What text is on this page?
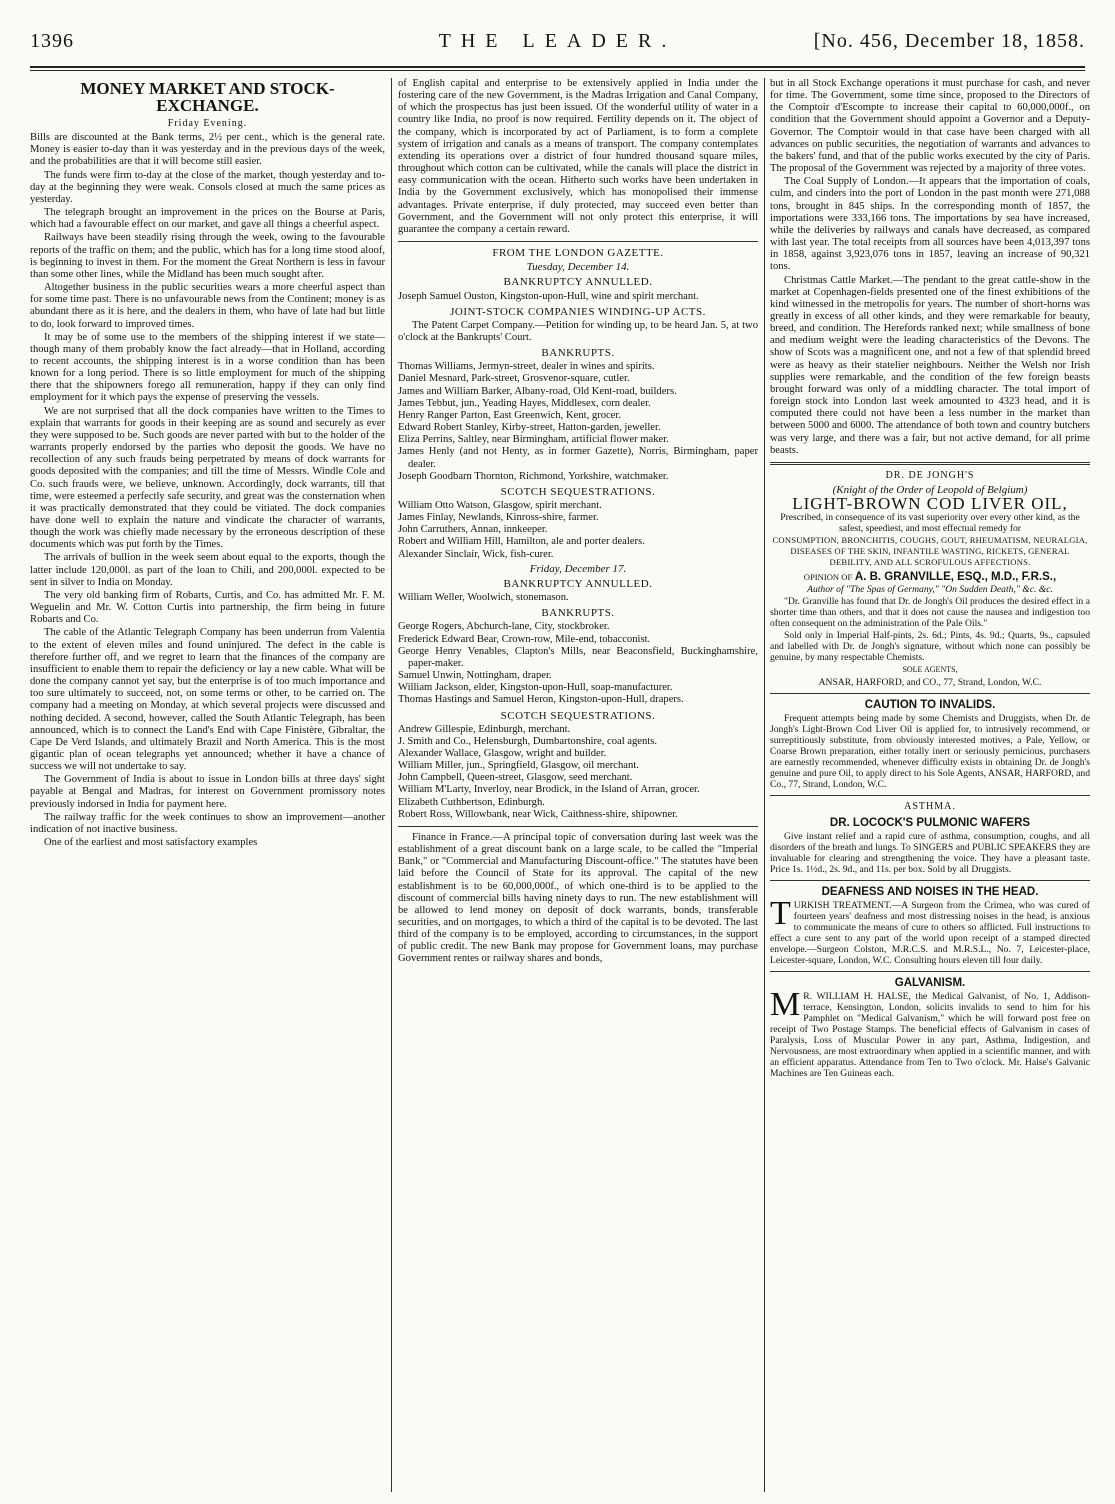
1396	THE LEADER.	[No. 456, December 18, 1858.
MONEY MARKET AND STOCK-EXCHANGE.
Friday Evening.

Bills are discounted at the Bank terms, 2½ per cent., which is the general rate. Money is easier to-day than it was yesterday and in the previous days of the week, and the probabilities are that it will become still easier.

The funds were firm to-day at the close of the market, though yesterday and to-day at the beginning they were weak. Consols closed at much the same prices as yesterday.

The telegraph brought an improvement in the prices on the Bourse at Paris, which had a favourable effect on our market, and gave all things a cheerful aspect.

Railways have been steadily rising through the week, owing to the favourable reports of the traffic on them; and the public, which has for a long time stood aloof, is beginning to invest in them. For the moment the Great Northern is less in favour than some other lines, while the Midland has been much sought after.

Altogether business in the public securities wears a more cheerful aspect than for some time past. There is no unfavourable news from the Continent; money is as abundant there as it is here, and the dealers in them, who have of late had but little to do, look forward to improved times.

It may be of some use to the members of the shipping interest if we state—though many of them probably know the fact already—that in Holland, according to recent accounts, the shipping interest is in a worse condition than has been known for a long period. There is so little employment for much of the shipping there that the shipowners forego all remuneration, happy if they can only find employment for it which pays the expense of preserving the vessels.

We are not surprised that all the dock companies have written to the Times to explain that warrants for goods in their keeping are as sound and securely as ever they were supposed to be. Such goods are never parted with but to the holder of the warrants properly endorsed by the parties who deposit the goods. We have no recollection of any such frauds being perpetrated by means of dock warrants for goods deposited with the companies; and till the time of Messrs. Windle Cole and Co. such frauds were, we believe, unknown. Accordingly, dock warrants, till that time, were esteemed a perfectly safe security, and great was the consternation when it was practically demonstrated that they could be vitiated. The dock companies have done well to explain the nature and vindicate the character of warrants, though the work was chiefly made necessary by the erroneous description of these documents which was put forth by the Times.

The arrivals of bullion in the week seem about equal to the exports, though the latter include 120,000l. as part of the loan to Chili, and 200,000l. expected to be sent in silver to India on Monday.

The very old banking firm of Robarts, Curtis, and Co. has admitted Mr. F. M. Weguelin and Mr. W. Cotton Curtis into partnership, the firm being in future Robarts and Co.

The cable of the Atlantic Telegraph Company has been underrun from Valentia to the extent of eleven miles and found uninjured. The defect in the cable is therefore further off, and we regret to learn that the finances of the company are insufficient to enable them to repair the deficiency or lay a new cable. What will be done the company cannot yet say, but the enterprise is of too much importance and too sure ultimately to succeed, not, on some terms or other, to be carried on. The company had a meeting on Monday, at which several projects were discussed and nothing decided. A second, however, called the South Atlantic Telegraph, has been announced, which is to connect the Land's End with Cape Finistère, Gibraltar, the Cape De Verd Islands, and ultimately Brazil and North America. This is the most gigantic plan of ocean telegraphs yet announced; whether it have a chance of success we will not undertake to say.

The Government of India is about to issue in London bills at three days' sight payable at Bengal and Madras, for interest on Government promissory notes previously indorsed in India for payment here.

The railway traffic for the week continues to show an improvement—another indication of not inactive business.

One of the earliest and most satisfactory examples

of English capital and enterprise to be extensively applied in India under the fostering care of the new Government, is the Madras Irrigation and Canal Company, of which the prospectus has just been issued. Of the wonderful utility of water in a country like India, no proof is now required. Fertility depends on it. The object of the company, which is incorporated by act of Parliament, is to form a complete system of irrigation and canals as a means of transport. The company contemplates extending its operations over a district of four hundred thousand square miles, throughout which cotton can be cultivated, while the canals will place the district in easy communication with the ocean. Hitherto such works have been undertaken in India by the Government exclusively, which has monopolised their immense advantages. Private enterprise, if duly protected, may succeed even better than Government, and the Government will not only protect this enterprise, it will guarantee the company a certain reward.

FROM THE LONDON GAZETTE.
Tuesday, December 14.
BANKRUPTCY ANNULLED.

Joseph Samuel Ouston, Kingston-upon-Hull, wine and spirit merchant.

JOINT-STOCK COMPANIES WINDING-UP ACTS.

The Patent Carpet Company.—Petition for winding up, to be heard Jan. 5, at two o'clock at the Bankrupts' Court.

BANKRUPTS.

Thomas Williams, Jermyn-street, dealer in wines and spirits.

Daniel Mesnard, Park-street, Grosvenor-square, cutler.

James and William Barker, Albany-road, Old Kent-road, builders.

James Tebbut, jun., Yeading Hayes, Middlesex, corn dealer.

Henry Ranger Parton, East Greenwich, Kent, grocer.

Edward Robert Stanley, Kirby-street, Hatton-garden, jeweller.

Eliza Perrins, Saltley, near Birmingham, artificial flower maker.

James Henly (and not Henty, as in former Gazette), Norris, Birmingham, paper dealer.

Joseph Goodbarn Thornton, Richmond, Yorkshire, watchmaker.

SCOTCH SEQUESTRATIONS.

William Otto Watson, Glasgow, spirit merchant.

James Finlay, Newlands, Kinross-shire, farmer.

John Carruthers, Annan, innkeeper.

Robert and William Hill, Hamilton, ale and porter dealers.

Alexander Sinclair, Wick, fish-curer.

Friday, December 17.
BANKRUPTCY ANNULLED.

William Weller, Woolwich, stonemason.

BANKRUPTS.

George Rogers, Abchurch-lane, City, stockbroker.

Frederick Edward Bear, Crown-row, Mile-end, tobacconist.

George Henry Venables, Clapton's Mills, near Beaconsfield, Buckinghamshire, paper-maker.

Samuel Unwin, Nottingham, draper.

William Jackson, elder, Kingston-upon-Hull, soap-manufacturer.

Thomas Hastings and Samuel Heron, Kingston-upon-Hull, drapers.

SCOTCH SEQUESTRATIONS.

Andrew Gillespie, Edinburgh, merchant.

J. Smith and Co., Helensburgh, Dumbartonshire, coal agents.

Alexander Wallace, Glasgow, wright and builder.

William Miller, jun., Springfield, Glasgow, oil merchant.

John Campbell, Queen-street, Glasgow, seed merchant.

William M'Larty, Inverloy, near Brodick, in the Island of Arran, grocer.

Elizabeth Cuthbertson, Edinburgh.

Robert Ross, Willowbank, near Wick, Caithness-shire, shipowner.

Finance in France.—A principal topic of conversation during last week was the establishment of a great discount bank on a large scale, to be called the "Imperial Bank," or "Commercial and Manufacturing Discount-office." The statutes have been laid before the Council of State for its approval. The capital of the new establishment is to be 60,000,000f., of which one-third is to be applied to the discount of commercial bills having ninety days to run. The new establishment will be allowed to lend money on deposit of dock warrants, bonds, transferable securities, and on mortgages, to which a third of the capital is to be devoted. The last third of the company is to be employed, according to circumstances, in the support of public credit. The new Bank may propose for Government loans, may purchase Government rentes or railway shares and bonds,

but in all Stock Exchange operations it must purchase for cash, and never for time. The Government, some time since, proposed to the Directors of the Comptoir d'Escompte to increase their capital to 60,000,000f., on condition that the Government should appoint a Governor and a Deputy-Governor. The Comptoir would in that case have been charged with all advances on public securities, the negotiation of warrants and advances to the bakers' fund, and that of the public works executed by the city of Paris. The proposal of the Government was rejected by a majority of three votes.

The Coal Supply of London.—It appears that the importation of coals, culm, and cinders into the port of London in the past month were 271,088 tons, brought in 845 ships. In the corresponding month of 1857, the importations were 333,166 tons. The importations by sea have increased, while the deliveries by railways and canals have decreased, as compared with last year. The total receipts from all sources have been 4,013,397 tons in 1858, against 3,923,076 tons in 1857, leaving an increase of 90,321 tons.

Christmas Cattle Market.—The pendant to the great cattle-show in the market at Copenhagen-fields presented one of the finest exhibitions of the kind witnessed in the metropolis for years. The number of short-horns was greatly in excess of all other kinds, and they were remarkable for beauty, breed, and condition. The Herefords ranked next; while smallness of bone and medium weight were the leading characteristics of the Devons. The show of Scots was a magnificent one, and not a few of that splendid breed were as heavy as their statelier neighbours. Neither the Welsh nor Irish supplies were remarkable, and the condition of the few foreign beasts brought forward was only of a middling character. The total import of foreign stock into London last week amounted to 4323 head, and it is computed there could not have been a less number in the market than between 5000 and 6000. The attendance of both town and country butchers was very large, and there was a fair, but not active demand, for all prime beasts.

DR. DE JONGH'S
(Knight of the Order of Leopold of Belgium)
LIGHT-BROWN COD LIVER OIL,

Prescribed, in consequence of its vast superiority over every other kind, as the safest, speediest, and most effectual remedy for

CONSUMPTION, BRONCHITIS, COUGHS, GOUT, RHEUMATISM, NEURALGIA, DISEASES OF THE SKIN, INFANTILE WASTING, RICKETS, GENERAL DEBILITY, AND ALL SCROFULOUS AFFECTIONS.

OPINION OF A. B. GRANVILLE, ESQ., M.D., F.R.S.,

Author of "The Spas of Germany," "On Sudden Death," &c. &c.

"Dr. Granville has found that Dr. de Jongh's Oil produces the desired effect in a shorter time than others, and that it does not cause the nausea and indigestion too often consequent on the administration of the Pale Oils."

Sold only in Imperial Half-pints, 2s. 6d.; Pints, 4s. 9d.; Quarts, 9s., capsuled and labelled with Dr. de Jongh's signature, without which none can possibly be genuine, by many respectable Chemists.

SOLE AGENTS,
ANSAR, HARFORD, and CO., 77, Strand, London, W.C.
CAUTION TO INVALIDS.

Frequent attempts being made by some Chemists and Druggists, when Dr. de Jongh's Light-Brown Cod Liver Oil is applied for, to intrusively recommend, or surreptitiously substitute, from obviously interested motives, a Pale, Yellow, or Coarse Brown preparation, either totally inert or seriously pernicious, purchasers are earnestly recommended, whenever difficulty exists in obtaining Dr. de Jongh's genuine and pure Oil, to apply direct to his Sole Agents, ANSAR, HARFORD, and Co., 77, Strand, London, W.C.

ASTHMA.
DR. LOCOCK'S PULMONIC WAFERS

Give instant relief and a rapid cure of asthma, consumption, coughs, and all disorders of the breath and lungs. To SINGERS and PUBLIC SPEAKERS they are invaluable for clearing and strengthening the voice. They have a pleasant taste. Price 1s. 1½d., 2s. 9d., and 11s. per box. Sold by all Druggists.

DEAFNESS AND NOISES IN THE HEAD.

TURKISH TREATMENT.—A Surgeon from the Crimea, who was cured of fourteen years' deafness and most distressing noises in the head, is anxious to communicate the means of cure to others so afflicted. Full instructions to effect a cure sent to any part of the world upon receipt of a stamped directed envelope.—Surgeon Colston, M.R.C.S. and M.R.S.L., No. 7, Leicester-place, Leicester-square, London, W.C. Consulting hours eleven till four daily.

GALVANISM.

M R. WILLIAM H. HALSE, the Medical Galvanist, of No. 1, Addison-terrace, Kensington, London, solicits invalids to send to him for his Pamphlet on "Medical Galvanism," which he will forward post free on receipt of Two Postage Stamps. The beneficial effects of Galvanism in cases of Paralysis, Loss of Muscular Power in any part, Asthma, Indigestion, and Nervousness, are most extraordinary when applied in a scientific manner, and with an efficient apparatus. Attendance from Ten to Two o'clock. Mr. Halse's Galvanic Machines are Ten Guineas each.
